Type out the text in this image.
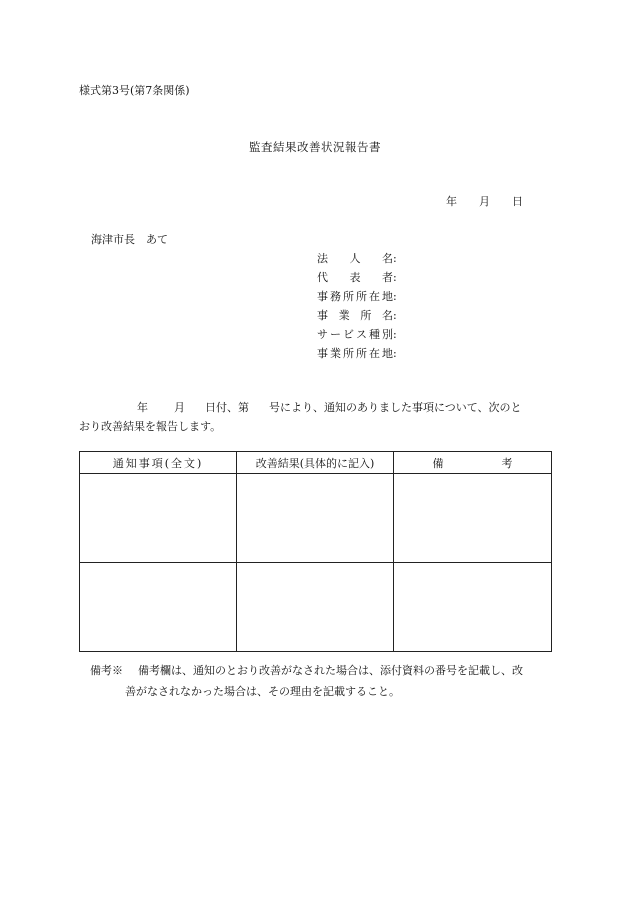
様式第3号(第7条関係)
監査結果改善状況報告書
年 月 日
海津市長　あて
法人名 :
代表者 :
事務所所在地 :
事業所名 :
サービス種別 :
事業所所在地 :
年 月 日付、第 号により、通知のありました事項について、次のと
おり改善結果を報告します。
通知事項(全文)	改善結果(具体的に記入)	備 考

備考※ 備考欄は、通知のとおり改善がなされた場合は、添付資料の番号を記載し、改
善がなされなかった場合は、その理由を記載すること。
